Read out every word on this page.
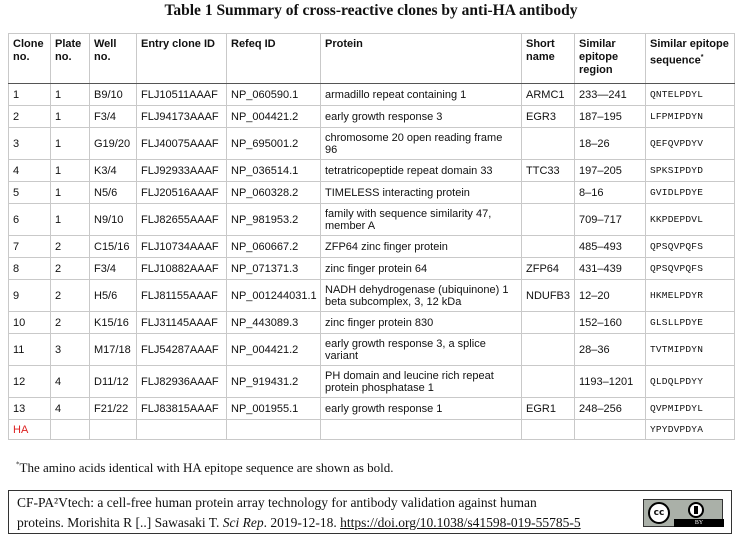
Table 1 Summary of cross-reactive clones by anti-HA antibody
Clone no.	Plate no.	Well no.	Entry clone ID	Refeq ID	Protein	Short name	Similar epitope region	Similar epitope sequence*
1	1	B9/10	FLJ10511AAAF	NP_060590.1	armadillo repeat containing 1	ARMC1	233—241	QNTELPDYL
2	1	F3/4	FLJ94173AAAF	NP_004421.2	early growth response 3	EGR3	187–195	LFPMIPDYN
3	1	G19/20	FLJ40075AAAF	NP_695001.2	chromosome 20 open reading frame 96		18–26	QEFQVPDYV
4	1	K3/4	FLJ92933AAAF	NP_036514.1	tetratricopeptide repeat domain 33	TTC33	197–205	SPKSIPDYD
5	1	N5/6	FLJ20516AAAF	NP_060328.2	TIMELESS interacting protein		8–16	GVIDLPDYE
6	1	N9/10	FLJ82655AAAF	NP_981953.2	family with sequence similarity 47, member A		709–717	KKPDEPDVL
7	2	C15/16	FLJ10734AAAF	NP_060667.2	ZFP64 zinc finger protein		485–493	QPSQVPQFS
8	2	F3/4	FLJ10882AAAF	NP_071371.3	zinc finger protein 64	ZFP64	431–439	QPSQVPQFS
9	2	H5/6	FLJ81155AAAF	NP_001244031.1	NADH dehydrogenase (ubiquinone) 1 beta subcomplex, 3, 12 kDa	NDUFB3	12–20	HKMELPDYR
10	2	K15/16	FLJ31145AAAF	NP_443089.3	zinc finger protein 830		152–160	GLSLLPDYE
11	3	M17/18	FLJ54287AAAF	NP_004421.2	early growth response 3, a splice variant		28–36	TVTMIPDYN
12	4	D11/12	FLJ82936AAAF	NP_919431.2	PH domain and leucine rich repeat protein phosphatase 1		1193–1201	QLDQLPDYY
13	4	F21/22	FLJ83815AAAF	NP_001955.1	early growth response 1	EGR1	248–256	QVPMIPDYL
HA								YPYDVPDYA
*The amino acids identical with HA epitope sequence are shown as bold.
CF-PA²Vtech: a cell-free human protein array technology for antibody validation against human
proteins. Morishita R [..] Sawasaki T. Sci Rep. 2019-12-18. https://doi.org/10.1038/s41598-019-55785-5
cc
BY
